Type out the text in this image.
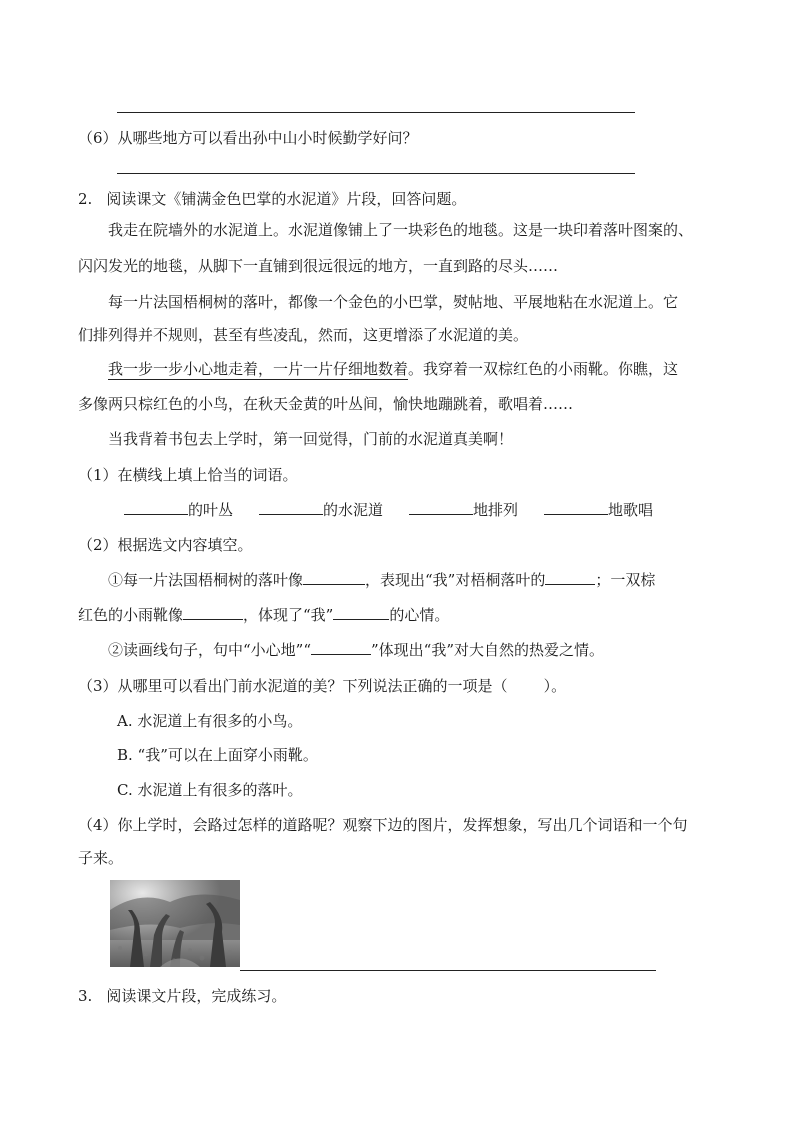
（6）从哪些地方可以看出孙中山小时候勤学好问？
2. 阅读课文《铺满金色巴掌的水泥道》片段，回答问题。
我走在院墙外的水泥道上。水泥道像铺上了一块彩色的地毯。这是一块印着落叶图案的、
闪闪发光的地毯，从脚下一直铺到很远很远的地方，一直到路的尽头……
每一片法国梧桐树的落叶，都像一个金色的小巴掌，熨帖地、平展地粘在水泥道上。它
们排列得并不规则，甚至有些凌乱，然而，这更增添了水泥道的美。
我一步一步小心地走着，一片一片仔细地数着。我穿着一双棕红色的小雨靴。你瞧，这
多像两只棕红色的小鸟，在秋天金黄的叶丛间，愉快地蹦跳着，歌唱着……
当我背着书包去上学时，第一回觉得，门前的水泥道真美啊！
（1）在横线上填上恰当的词语。
的叶丛	的水泥道	地排列	地歌唱
（2）根据选文内容填空。
①每一片法国梧桐树的落叶像	，表现出“我”对梧桐落叶的	；一双棕
红色的小雨靴像	，体现了“我”	的心情。
②读画线句子，句中“小心地”“	”体现出“我”对大自然的热爱之情。
（3）从哪里可以看出门前水泥道的美？下列说法正确的一项是（ ）。
A. 水泥道上有很多的小鸟。
B. “我”可以在上面穿小雨靴。
C. 水泥道上有很多的落叶。
（4）你上学时，会路过怎样的道路呢？观察下边的图片，发挥想象，写出几个词语和一个句
子来。
3. 阅读课文片段，完成练习。
